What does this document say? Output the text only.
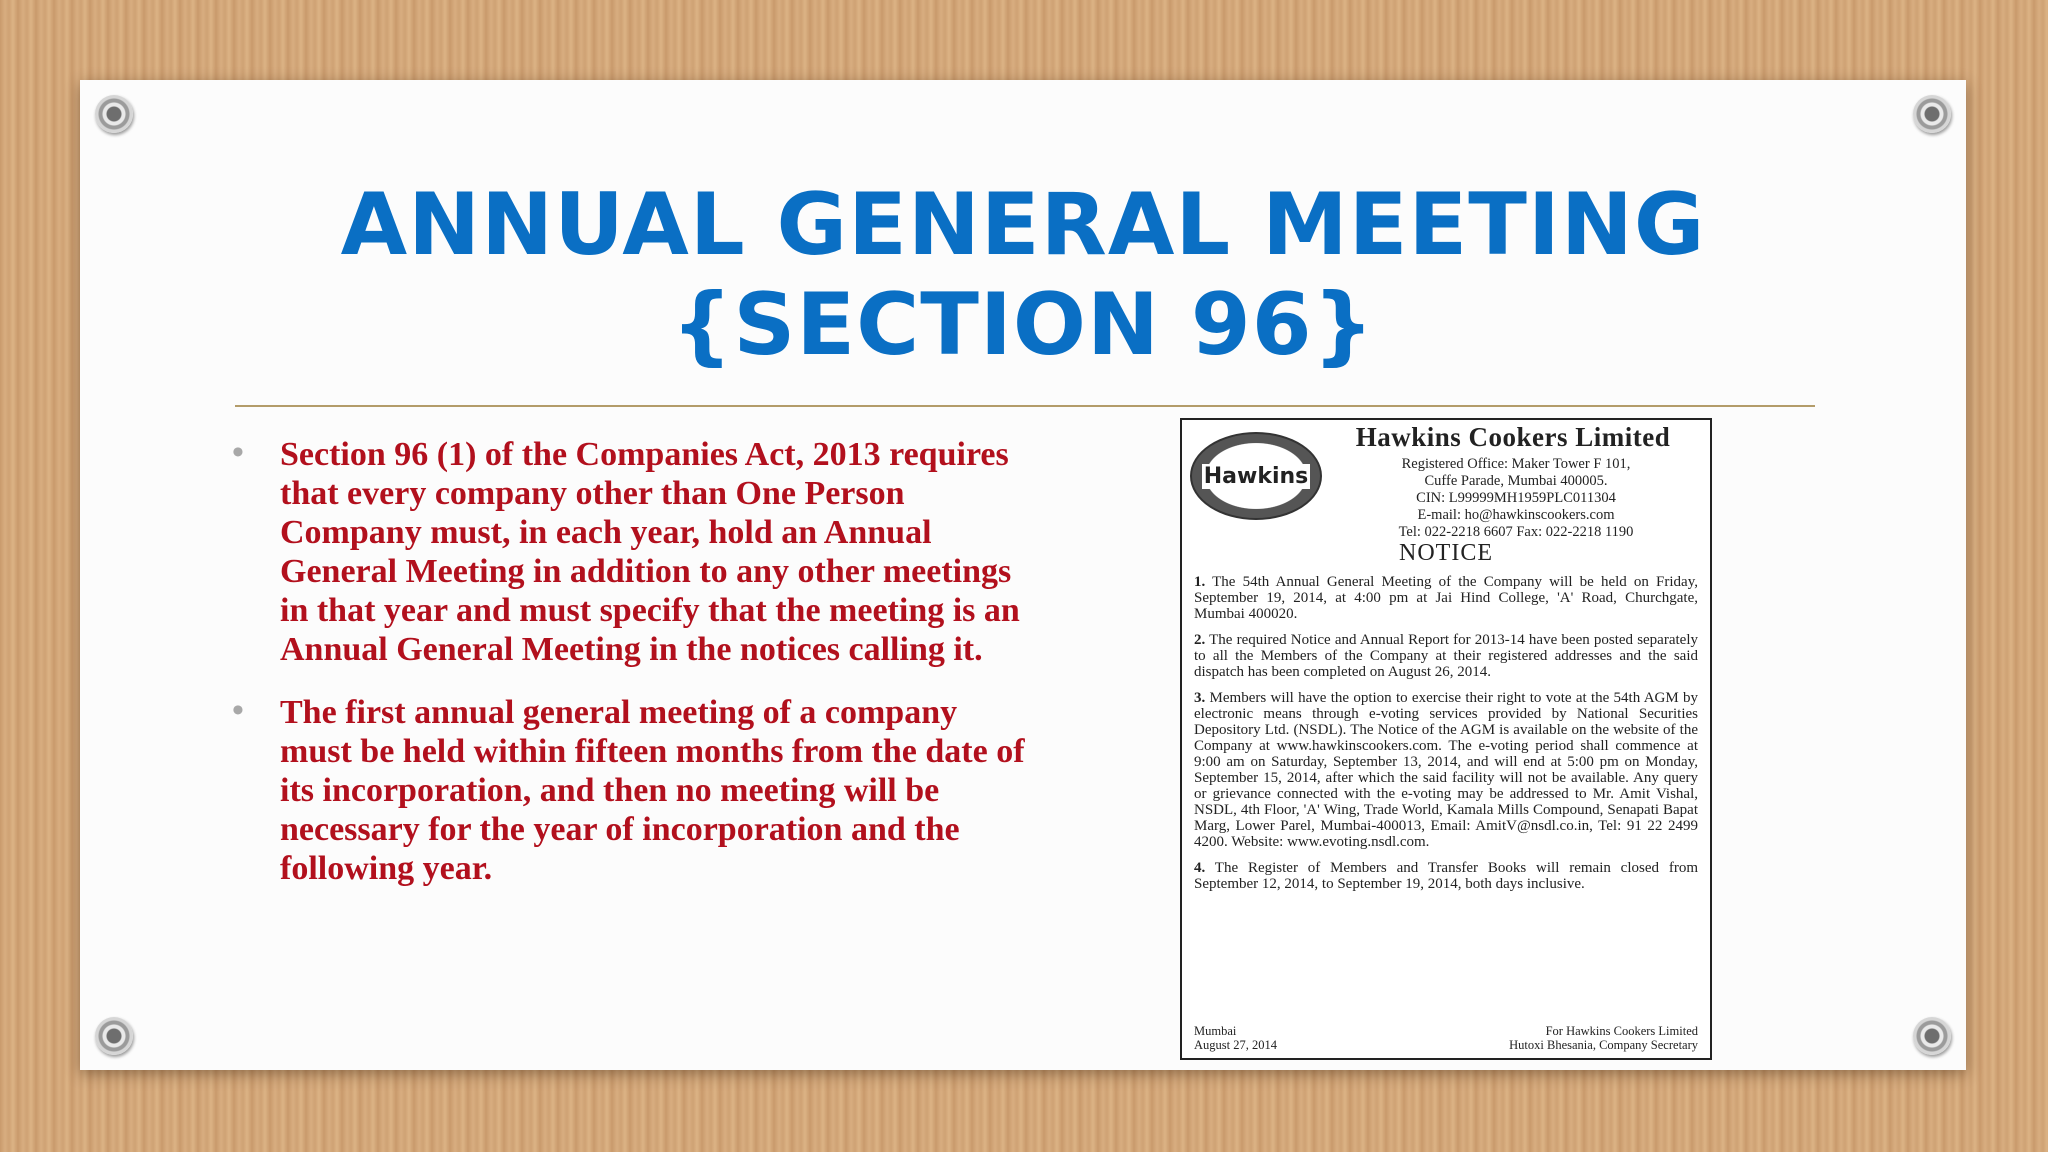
ANNUAL GENERAL MEETING
{SECTION 96}
• Section 96 (1) of the Companies Act, 2013 requires that every company other than One Person Company must, in each year, hold an Annual General Meeting in addition to any other meetings in that year and must specify that the meeting is an Annual General Meeting in the notices calling it.
• The first annual general meeting of a company must be held within fifteen months from the date of its incorporation, and then no meeting will be necessary for the year of incorporation and the following year.
Hawkins
Hawkins Cookers Limited
Registered Office: Maker Tower F 101,
Cuffe Parade, Mumbai 400005.
CIN: L99999MH1959PLC011304
E-mail: ho@hawkinscookers.com
Tel: 022-2218 6607 Fax: 022-2218 1190
NOTICE

1. The 54th Annual General Meeting of the Company will be held on Friday, September 19, 2014, at 4:00 pm at Jai Hind College, 'A' Road, Churchgate, Mumbai 400020.

2. The required Notice and Annual Report for 2013-14 have been posted separately to all the Members of the Company at their registered addresses and the said dispatch has been completed on August 26, 2014.

3. Members will have the option to exercise their right to vote at the 54th AGM by electronic means through e-voting services provided by National Securities Depository Ltd. (NSDL). The Notice of the AGM is available on the website of the Company at www.hawkinscookers.com. The e-voting period shall commence at 9:00 am on Saturday, September 13, 2014, and will end at 5:00 pm on Monday, September 15, 2014, after which the said facility will not be available. Any query or grievance connected with the e-voting may be addressed to Mr. Amit Vishal, NSDL, 4th Floor, 'A' Wing, Trade World, Kamala Mills Compound, Senapati Bapat Marg, Lower Parel, Mumbai-400013, Email: AmitV@nsdl.co.in, Tel: 91 22 2499 4200. Website: www.evoting.nsdl.com.

4. The Register of Members and Transfer Books will remain closed from September 12, 2014, to September 19, 2014, both days inclusive.

Mumbai
August 27, 2014
For Hawkins Cookers Limited
Hutoxi Bhesania, Company Secretary
